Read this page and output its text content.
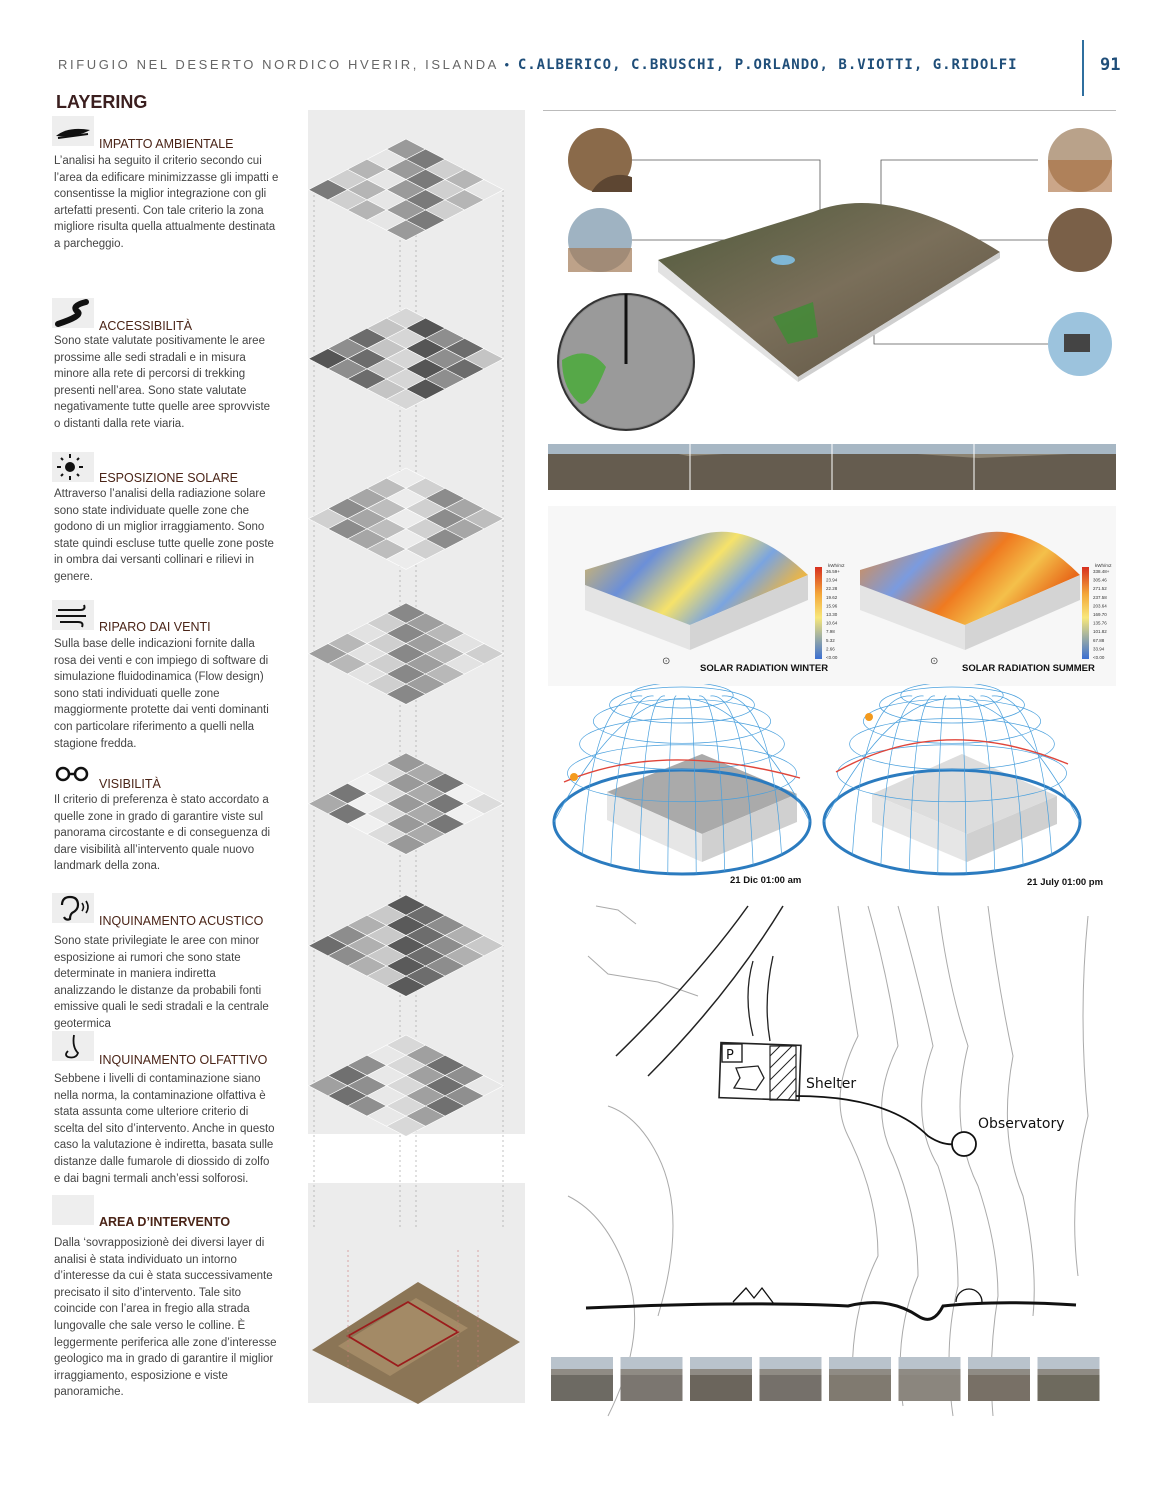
RIFUGIO NEL DESERTO NORDICO HVERIR, ISLANDA • C.ALBERICO, C.BRUSCHI, P.ORLANDO, B.VIOTTI, G.RIDOLFI	91
LAYERING
IMPATTO AMBIENTALE
L’analisi ha seguito il criterio secondo cui l’area da edificare minimizzasse gli impatti e consentisse la miglior integrazione con gli artefatti presenti. Con tale criterio la zona migliore risulta quella attualmente destinata a parcheggio.
ACCESSIBILITÀ
Sono state valutate positivamente le aree prossime alle sedi stradali e in misura minore alla rete di percorsi di trekking presenti nell’area. Sono state valutate negativamente tutte quelle aree sprovviste o distanti dalla rete viaria.
ESPOSIZIONE SOLARE
Attraverso l’analisi della radiazione solare sono state individuate quelle zone che godono di un miglior irraggiamento. Sono state quindi escluse tutte quelle zone poste in ombra dai versanti collinari e rilievi in genere.
RIPARO DAI VENTI
Sulla base delle indicazioni fornite dalla rosa dei venti e con impiego di software di simulazione fluidodinamica (Flow design) sono stati individuati quelle zone maggiormente protette dai venti dominanti con particolare riferimento a quelli nella stagione fredda.
VISIBILITÀ
Il criterio di preferenza è stato accordato a quelle zone in grado di garantire viste sul panorama circostante e di conseguenza di dare visibilità all’intervento quale nuovo landmark della zona.
INQUINAMENTO ACUSTICO
Sono state privilegiate le aree con minor esposizione ai rumori che sono state determinate in maniera indiretta analizzando le distanze da probabili fonti emissive quali le sedi stradali e la centrale geotermica
INQUINAMENTO OLFATTIVO
Sebbene i livelli di contaminazione siano nella norma, la contaminazione olfattiva è stata assunta come ulteriore criterio di scelta del sito d’intervento. Anche in questo caso la valutazione è indiretta, basata sulle distanze dalle fumarole di diossido di zolfo e dai bagni termali anch’essi solforosi.
AREA D’INTERVENTO
Dalla ‘sovrapposizionè dei diversi layer di analisi è stata individuato un intorno d’interesse da cui è stata successivamente precisato il sito d’intervento. Tale sito coincide con l’area in fregio alla strada lungovalle che sale verso le colline. È leggermente periferica alle zone d’interesse geologico ma in grado di garantire il miglior irraggiamento, esposizione e viste panoramiche.
kWh/m2	kWh/m2
36.59+
23.94
22.28
19.62
15.96
13.30
10.64
7.98
5.32
2.66
<0.00
338.48+
305.46
271.52
237.58
203.64
169.70
135.76
101.82
67.88
33.94
<0.00
SOLAR RADIATION WINTER	SOLAR RADIATION SUMMER
⊙	⊙
21 Dic 01:00 am	21 July 01:00 pm
P
Shelter
Observatory
